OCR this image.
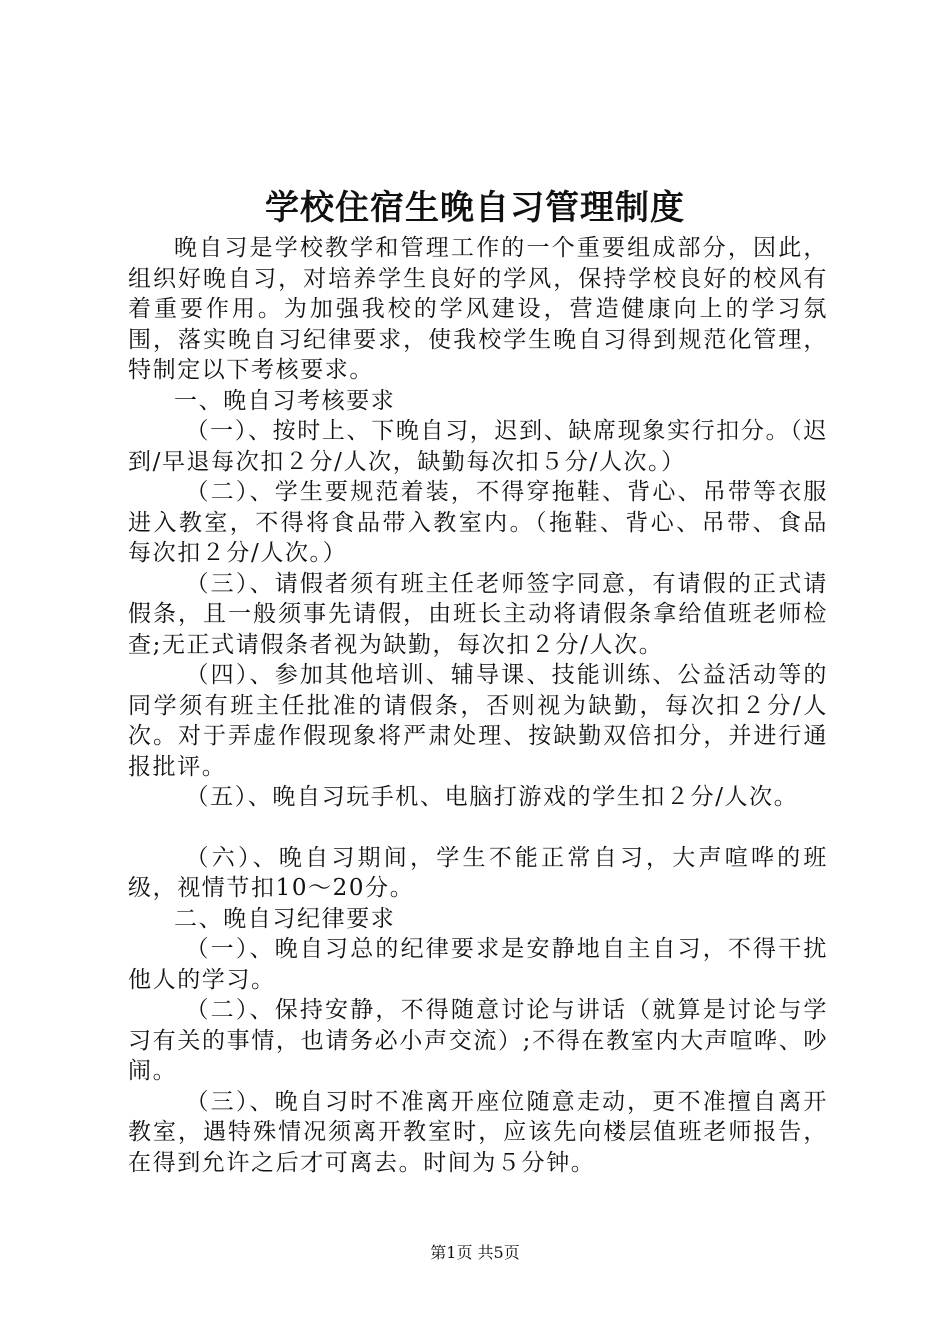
学校住宿生晚自习管理制度

晚自习是学校教学和管理工作的一个重要组成部分，因此，组织好晚自习，对培养学生良好的学风，保持学校良好的校风有着重要作用。为加强我校的学风建设，营造健康向上的学习氛围，落实晚自习纪律要求，使我校学生晚自习得到规范化管理，特制定以下考核要求。

一、晚自习考核要求

（一）、按时上、下晚自习，迟到、缺席现象实行扣分。（迟到/早退每次扣２分/人次，缺勤每次扣５分/人次。）

（二）、学生要规范着装，不得穿拖鞋、背心、吊带等衣服进入教室，不得将食品带入教室内。（拖鞋、背心、吊带、食品每次扣２分/人次。）

（三）、请假者须有班主任老师签字同意，有请假的正式请假条，且一般须事先请假，由班长主动将请假条拿给值班老师检查;无正式请假条者视为缺勤，每次扣２分/人次。

（四）、参加其他培训、辅导课、技能训练、公益活动等的同学须有班主任批准的请假条，否则视为缺勤，每次扣２分/人次。对于弄虚作假现象将严肃处理、按缺勤双倍扣分，并进行通报批评。

（五）、晚自习玩手机、电脑打游戏的学生扣２分/人次。

（六）、晚自习期间，学生不能正常自习，大声喧哗的班级，视情节扣10～20分。

二、晚自习纪律要求

（一）、晚自习总的纪律要求是安静地自主自习，不得干扰他人的学习。

（二）、保持安静，不得随意讨论与讲话（就算是讨论与学习有关的事情，也请务必小声交流）;不得在教室内大声喧哗、吵闹。

（三）、晚自习时不准离开座位随意走动，更不准擅自离开教室，遇特殊情况须离开教室时，应该先向楼层值班老师报告，在得到允许之后才可离去。时间为５分钟。

第1页 共5页
